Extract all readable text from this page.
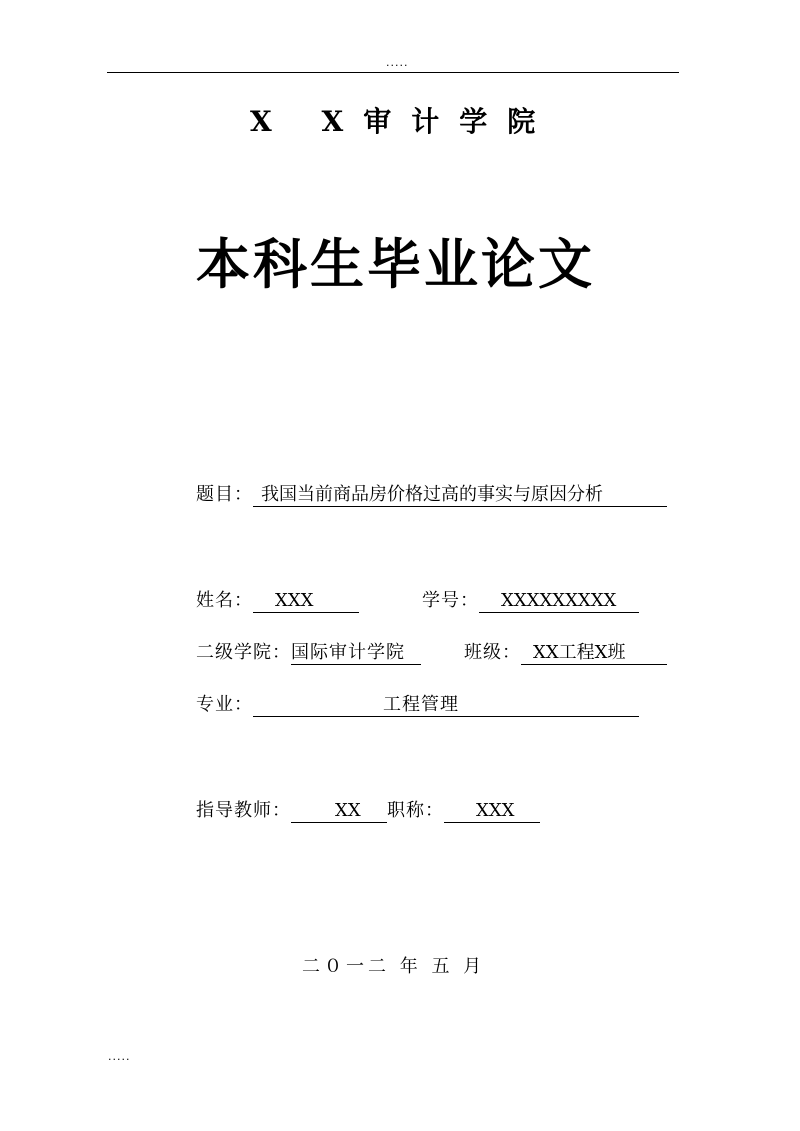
.....
X X审计学院
本科生毕业论文
题目： 我国当前商品房价格过高的事实与原因分析
姓名： XXX	学号： XXXXXXXXX
二级学院：国际审计学院	班级： XX工程X班
专业：	工程管理
指导教师： XX 职称： XXX
二０一二 年 五 月
.....
